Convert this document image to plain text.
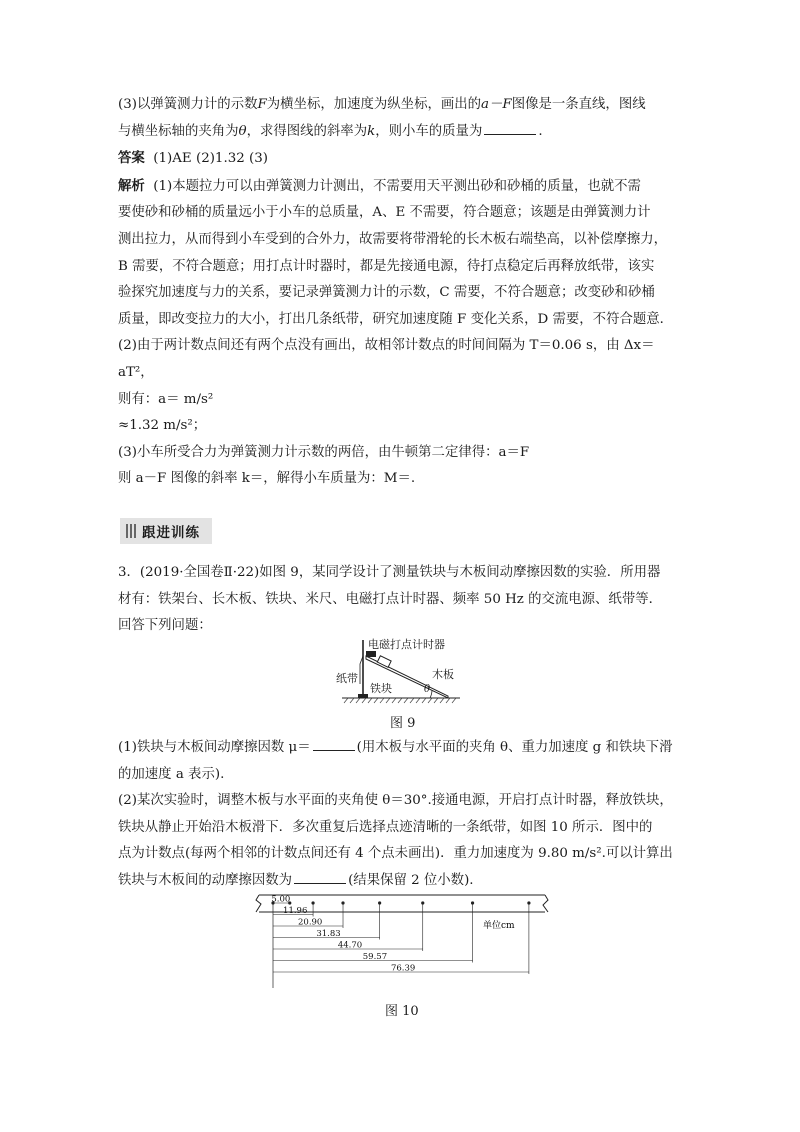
(3)以弹簧测力计的示数F为横坐标，加速度为纵坐标，画出的a－F图像是一条直线，图线

与横坐标轴的夹角为θ，求得图线的斜率为k，则小车的质量为	.

答案 (1)AE (2)1.32 (3)

解析 (1)本题拉力可以由弹簧测力计测出，不需要用天平测出砂和砂桶的质量，也就不需

要使砂和砂桶的质量远小于小车的总质量，A、E 不需要，符合题意；该题是由弹簧测力计

测出拉力，从而得到小车受到的合外力，故需要将带滑轮的长木板右端垫高，以补偿摩擦力，

B 需要，不符合题意；用打点计时器时，都是先接通电源，待打点稳定后再释放纸带，该实

验探究加速度与力的关系，要记录弹簧测力计的示数，C 需要，不符合题意；改变砂和砂桶

质量，即改变拉力的大小，打出几条纸带，研究加速度随 F 变化关系，D 需要，不符合题意．

(2)由于两计数点间还有两个点没有画出，故相邻计数点的时间间隔为 T＝0.06 s，由 Δx＝

aT²，

则有：a＝ m/s²

≈1.32 m/s²；

(3)小车所受合力为弹簧测力计示数的两倍，由牛顿第二定律得：a＝F

则 a－F 图像的斜率 k＝，解得小车质量为：M＝.

跟进训练

3．(2019·全国卷Ⅱ·22)如图 9，某同学设计了测量铁块与木板间动摩擦因数的实验．所用器

材有：铁架台、长木板、铁块、米尺、电磁打点计时器、频率 50 Hz 的交流电源、纸带等．

回答下列问题：

电磁打点计时器
纸带
铁块
木板
θ
图 9

(1)铁块与木板间动摩擦因数 μ＝	(用木板与水平面的夹角 θ、重力加速度 g 和铁块下滑

的加速度 a 表示).

(2)某次实验时，调整木板与水平面的夹角使 θ＝30°.接通电源，开启打点计时器，释放铁块，

铁块从静止开始沿木板滑下．多次重复后选择点迹清晰的一条纸带，如图 10 所示．图中的

点为计数点(每两个相邻的计数点间还有 4 个点未画出)．重力加速度为 9.80 m/s².可以计算出

铁块与木板间的动摩擦因数为	(结果保留 2 位小数).

5.00
11.96
20.90
31.83
44.70
59.57
76.39
单位cm
图 10
